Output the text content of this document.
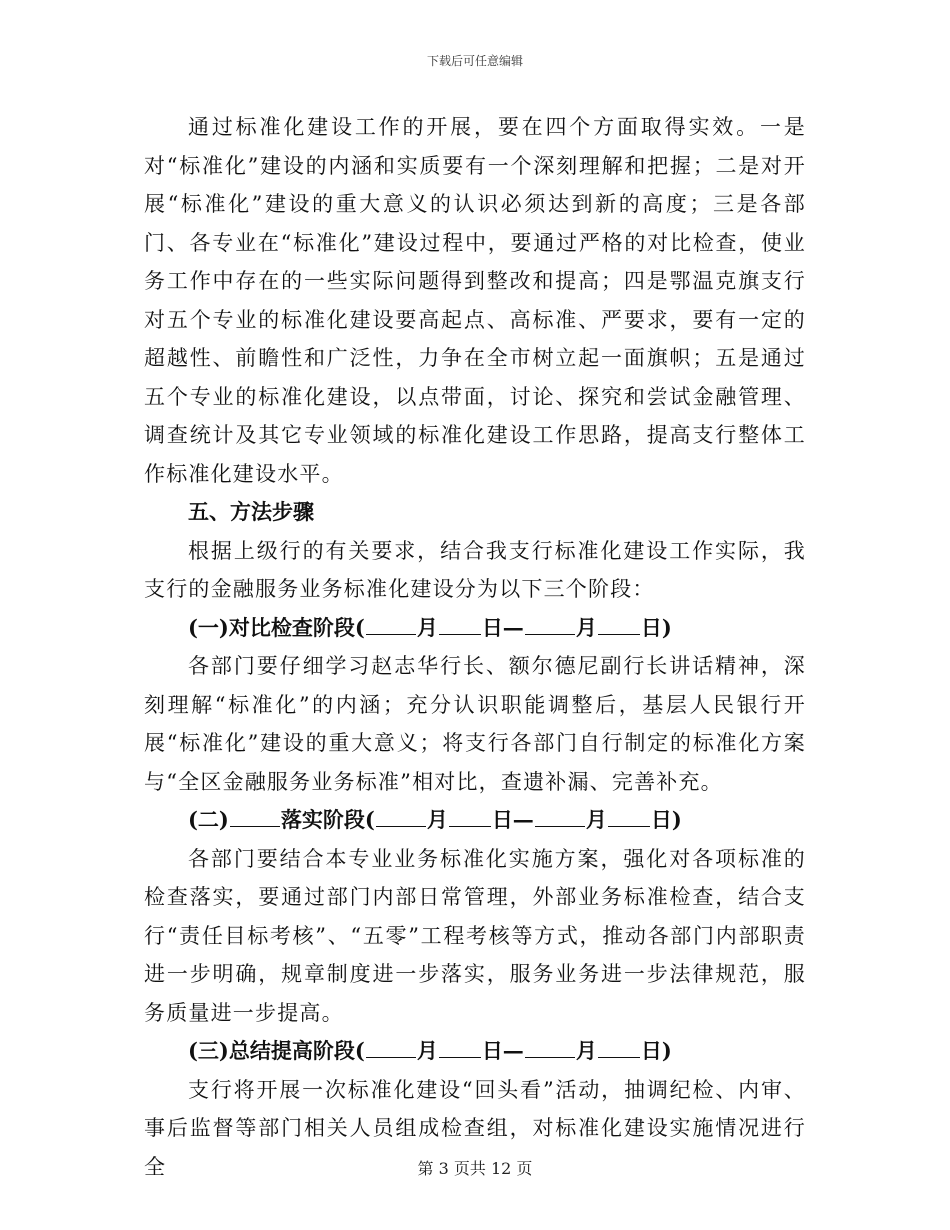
下载后可任意编辑

通过标准化建设工作的开展，要在四个方面取得实效。一是对“标准化”建设的内涵和实质要有一个深刻理解和把握；二是对开展“标准化”建设的重大意义的认识必须达到新的高度；三是各部门、各专业在“标准化”建设过程中，要通过严格的对比检查，使业务工作中存在的一些实际问题得到整改和提高；四是鄂温克旗支行对五个专业的标准化建设要高起点、高标准、严要求，要有一定的超越性、前瞻性和广泛性，力争在全市树立起一面旗帜；五是通过五个专业的标准化建设，以点带面，讨论、探究和尝试金融管理、调查统计及其它专业领域的标准化建设工作思路，提高支行整体工作标准化建设水平。

五、方法步骤

根据上级行的有关要求，结合我支行标准化建设工作实际，我支行的金融服务业务标准化建设分为以下三个阶段：

(一)对比检查阶段( 月 日— 月 日)

各部门要仔细学习赵志华行长、额尔德尼副行长讲话精神，深刻理解“标准化”的内涵；充分认识职能调整后，基层人民银行开展“标准化”建设的重大意义；将支行各部门自行制定的标准化方案与“全区金融服务业务标准”相对比，查遗补漏、完善补充。

(二) 落实阶段( 月 日— 月 日)

各部门要结合本专业业务标准化实施方案，强化对各项标准的检查落实，要通过部门内部日常管理，外部业务标准检查，结合支行“责任目标考核”、“五零”工程考核等方式，推动各部门内部职责进一步明确，规章制度进一步落实，服务业务进一步法律规范，服务质量进一步提高。

(三)总结提高阶段( 月 日— 月 日)

支行将开展一次标准化建设“回头看”活动，抽调纪检、内审、事后监督等部门相关人员组成检查组，对标准化建设实施情况进行全	第 3 页共 12 页
